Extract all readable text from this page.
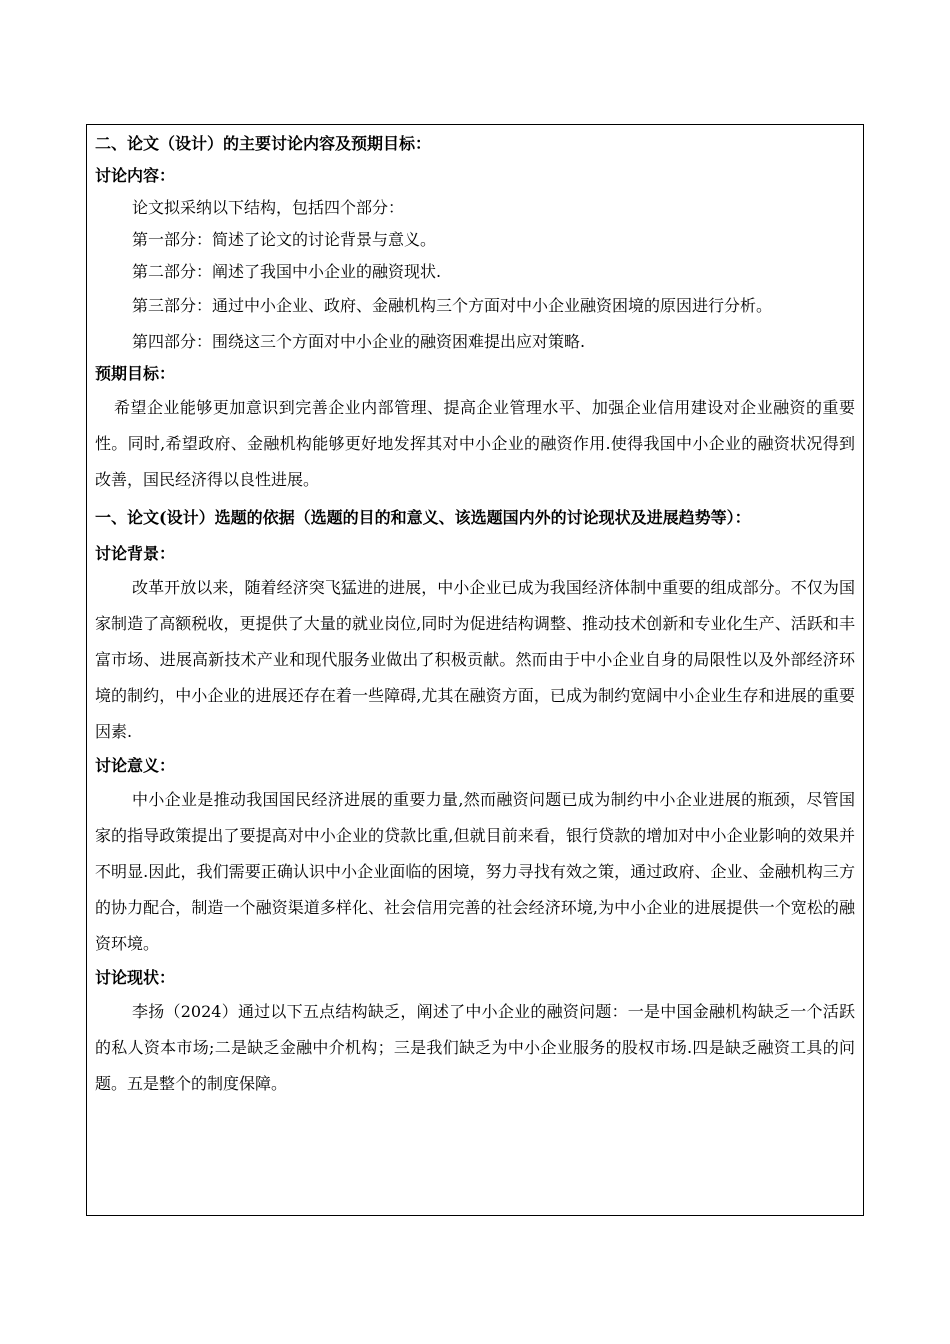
二、论文（设计）的主要讨论内容及预期目标：
讨论内容：
论文拟采纳以下结构，包括四个部分：
第一部分：简述了论文的讨论背景与意义。
第二部分：阐述了我国中小企业的融资现状.
第三部分：通过中小企业、政府、金融机构三个方面对中小企业融资困境的原因进行分析。
第四部分：围绕这三个方面对中小企业的融资困难提出应对策略.
预期目标：
希望企业能够更加意识到完善企业内部管理、提高企业管理水平、加强企业信用建设对企业融资的重要性。同时,希望政府、金融机构能够更好地发挥其对中小企业的融资作用.使得我国中小企业的融资状况得到改善，国民经济得以良性进展。
一、论文(设计）选题的依据（选题的目的和意义、该选题国内外的讨论现状及进展趋势等）：
讨论背景：
改革开放以来，随着经济突飞猛进的进展，中小企业已成为我国经济体制中重要的组成部分。不仅为国家制造了高额税收，更提供了大量的就业岗位,同时为促进结构调整、推动技术创新和专业化生产、活跃和丰富市场、进展高新技术产业和现代服务业做出了积极贡献。然而由于中小企业自身的局限性以及外部经济环境的制约，中小企业的进展还存在着一些障碍,尤其在融资方面，已成为制约宽阔中小企业生存和进展的重要因素.
讨论意义：
中小企业是推动我国国民经济进展的重要力量,然而融资问题已成为制约中小企业进展的瓶颈，尽管国家的指导政策提出了要提高对中小企业的贷款比重,但就目前来看，银行贷款的增加对中小企业影响的效果并不明显.因此，我们需要正确认识中小企业面临的困境，努力寻找有效之策，通过政府、企业、金融机构三方的协力配合，制造一个融资渠道多样化、社会信用完善的社会经济环境,为中小企业的进展提供一个宽松的融资环境。
讨论现状：
李扬（2024）通过以下五点结构缺乏，阐述了中小企业的融资问题：一是中国金融机构缺乏一个活跃的私人资本市场;二是缺乏金融中介机构；三是我们缺乏为中小企业服务的股权市场.四是缺乏融资工具的问题。五是整个的制度保障。
